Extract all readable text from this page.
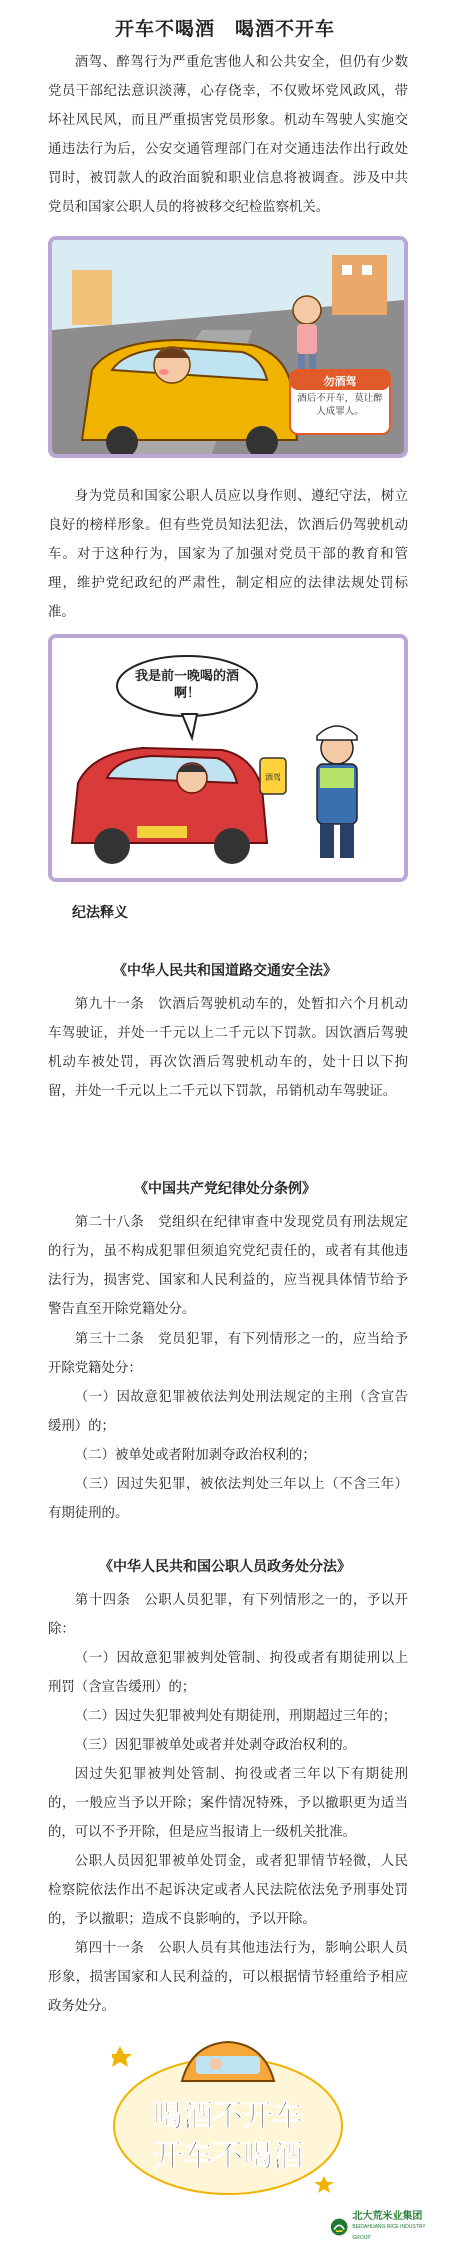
开车不喝酒　喝酒不开车

酒驾、醉驾行为严重危害他人和公共安全，但仍有少数党员干部纪法意识淡薄，心存侥幸，不仅败坏党风政风，带坏社风民风，而且严重损害党员形象。机动车驾驶人实施交通违法行为后，公安交通管理部门在对交通违法作出行政处罚时，被罚款人的政治面貌和职业信息将被调查。涉及中共党员和国家公职人员的将被移交纪检监察机关。

勿酒驾
酒后不开车，莫让醉人成罪人。

身为党员和国家公职人员应以身作则、遵纪守法，树立良好的榜样形象。但有些党员知法犯法，饮酒后仍驾驶机动车。对于这种行为，国家为了加强对党员干部的教育和管理，维护党纪政纪的严肃性，制定相应的法律法规处罚标准。

我是前一晚喝的酒啊！
酒驾

纪法释义

《中华人民共和国道路交通安全法》

第九十一条　饮酒后驾驶机动车的，处暂扣六个月机动车驾驶证，并处一千元以上二千元以下罚款。因饮酒后驾驶机动车被处罚，再次饮酒后驾驶机动车的，处十日以下拘留，并处一千元以上二千元以下罚款，吊销机动车驾驶证。

《中国共产党纪律处分条例》

第二十八条　党组织在纪律审查中发现党员有刑法规定的行为，虽不构成犯罪但须追究党纪责任的，或者有其他违法行为，损害党、国家和人民利益的，应当视具体情节给予警告直至开除党籍处分。

第三十二条　党员犯罪，有下列情形之一的，应当给予开除党籍处分：

（一）因故意犯罪被依法判处刑法规定的主刑（含宣告缓刑）的；

（二）被单处或者附加剥夺政治权利的；

（三）因过失犯罪，被依法判处三年以上（不含三年）有期徒刑的。

《中华人民共和国公职人员政务处分法》

第十四条　公职人员犯罪，有下列情形之一的，予以开除：

（一）因故意犯罪被判处管制、拘役或者有期徒刑以上刑罚（含宣告缓刑）的；

（二）因过失犯罪被判处有期徒刑，刑期超过三年的；

（三）因犯罪被单处或者并处剥夺政治权利的。

因过失犯罪被判处管制、拘役或者三年以下有期徒刑的，一般应当予以开除；案件情况特殊，予以撤职更为适当的，可以不予开除，但是应当报请上一级机关批准。

公职人员因犯罪被单处罚金，或者犯罪情节轻微，人民检察院依法作出不起诉决定或者人民法院依法免予刑事处罚的，予以撤职；造成不良影响的，予以开除。

第四十一条　公职人员有其他违法行为，影响公职人员形象，损害国家和人民利益的，可以根据情节轻重给予相应政务处分。

喝酒不开车
开车不喝酒
北大荒米业集团
BEIDAHUANG RICE INDUSTRY GROUP
